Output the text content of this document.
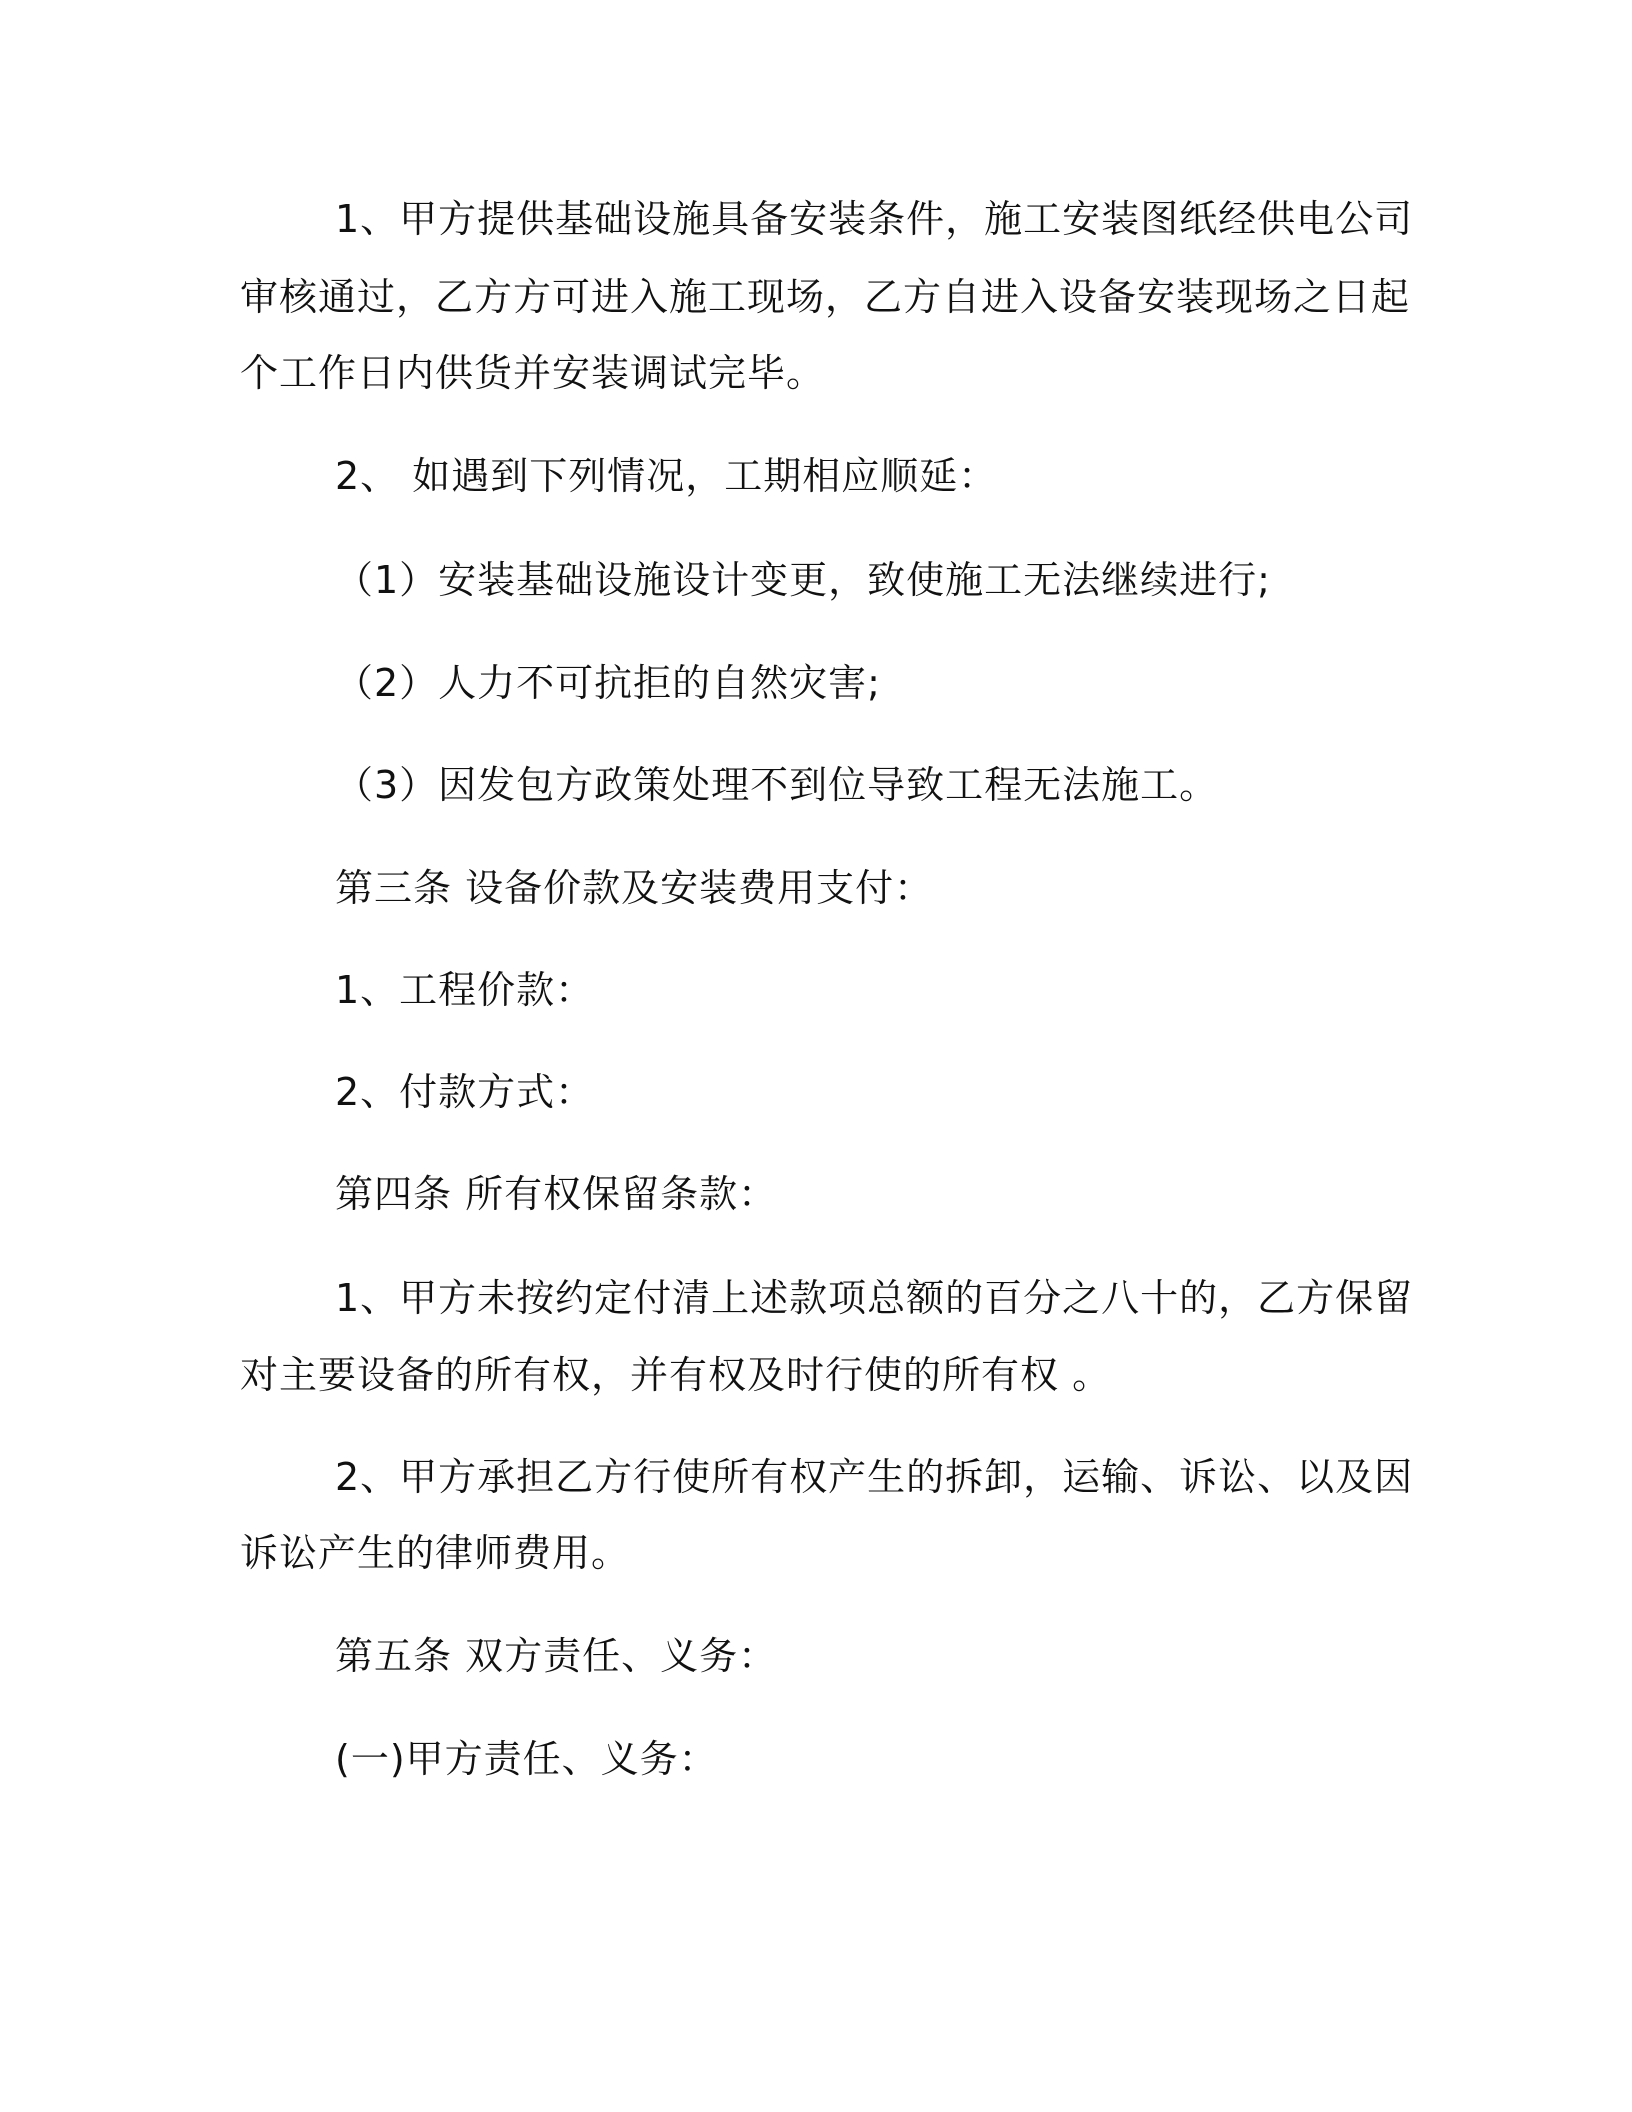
1、甲方提供基础设施具备安装条件，施工安装图纸经供电公司
审核通过，乙方方可进入施工现场，乙方自进入设备安装现场之日起
个工作日内供货并安装调试完毕。
2、 如遇到下列情况，工期相应顺延：
（1）安装基础设施设计变更，致使施工无法继续进行;
（2）人力不可抗拒的自然灾害;
（3）因发包方政策处理不到位导致工程无法施工。
第三条 设备价款及安装费用支付：
1、工程价款：
2、付款方式：
第四条 所有权保留条款：
1、甲方未按约定付清上述款项总额的百分之八十的，乙方保留
对主要设备的所有权，并有权及时行使的所有权 。
2、甲方承担乙方行使所有权产生的拆卸，运输、诉讼、以及因
诉讼产生的律师费用。
第五条 双方责任、义务：
(一)甲方责任、义务：
